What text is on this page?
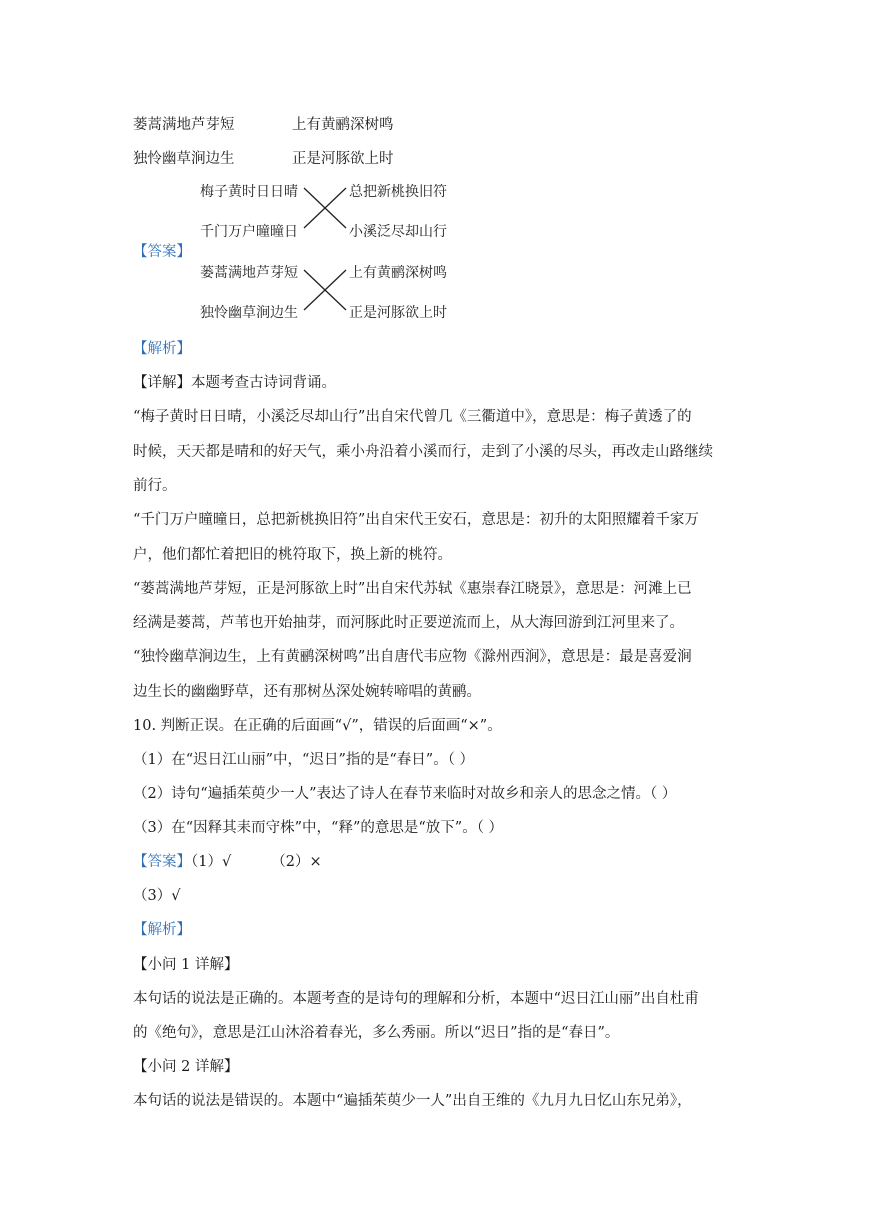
蒌蒿满地芦芽短	上有黄鹂深树鸣
独怜幽草涧边生	正是河豚欲上时
【答案】
梅子黄时日日晴	总把新桃换旧符
千门万户曈曈日	小溪泛尽却山行
蒌蒿满地芦芽短	上有黄鹂深树鸣
独怜幽草涧边生	正是河豚欲上时
【解析】
【详解】本题考查古诗词背诵。
“梅子黄时日日晴，小溪泛尽却山行”出自宋代曾几《三衢道中》，意思是：梅子黄透了的
时候，天天都是晴和的好天气，乘小舟沿着小溪而行，走到了小溪的尽头，再改走山路继续
前行。
“千门万户曈曈日，总把新桃换旧符”出自宋代王安石，意思是：初升的太阳照耀着千家万
户，他们都忙着把旧的桃符取下，换上新的桃符。
“蒌蒿满地芦芽短，正是河豚欲上时”出自宋代苏轼《惠崇春江晓景》，意思是：河滩上已
经满是蒌蒿，芦苇也开始抽芽，而河豚此时正要逆流而上，从大海回游到江河里来了。
“独怜幽草涧边生，上有黄鹂深树鸣”出自唐代韦应物《滁州西涧》，意思是：最是喜爱涧
边生长的幽幽野草，还有那树丛深处婉转啼唱的黄鹂。
10. 判断正误。在正确的后面画“√”，错误的后面画“×”。
（1）在“迟日江山丽”中，“迟日”指的是“春日”。（ ）
（2）诗句“遍插茱萸少一人”表达了诗人在春节来临时对故乡和亲人的思念之情。（ ）
（3）在“因释其耒而守株”中，“释”的意思是“放下”。（ ）
【答案】（1）√	（2）×
（3）√
【解析】
【小问 1 详解】
本句话的说法是正确的。本题考查的是诗句的理解和分析，本题中“迟日江山丽”出自杜甫
的《绝句》，意思是江山沐浴着春光，多么秀丽。所以“迟日”指的是“春日”。
【小问 2 详解】
本句话的说法是错误的。本题中“遍插茱萸少一人”出自王维的《九月九日忆山东兄弟》，
